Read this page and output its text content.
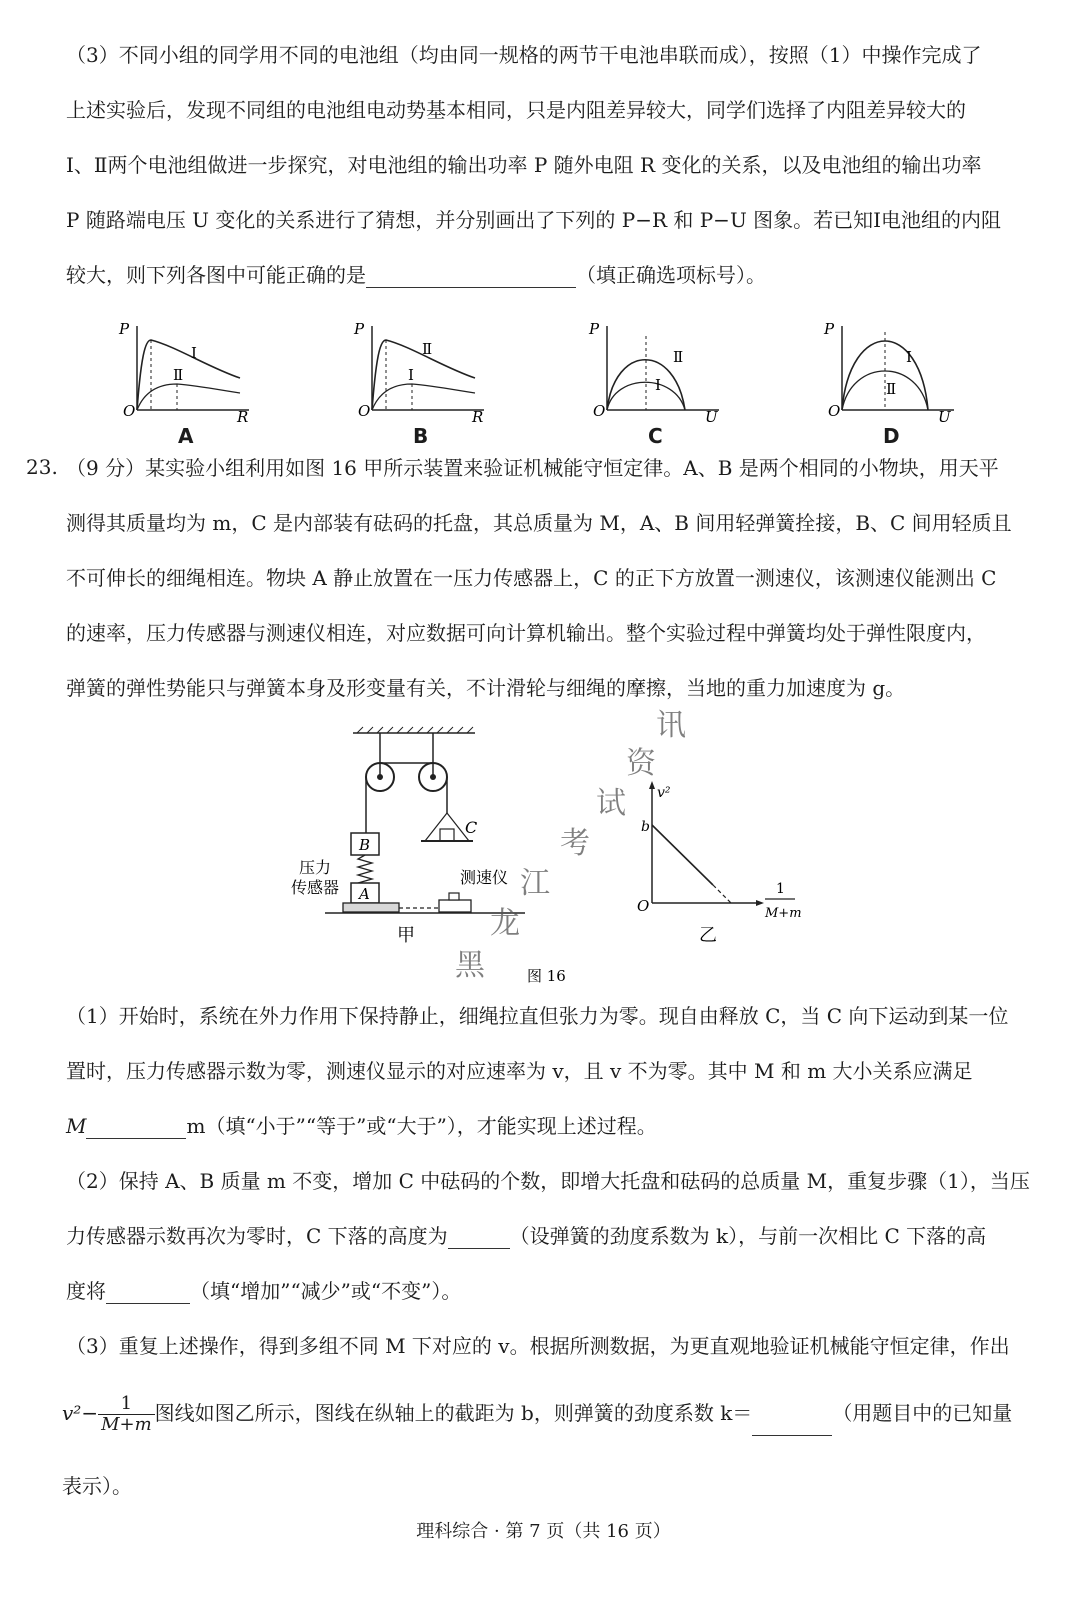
（3）不同小组的同学用不同的电池组（均由同一规格的两节干电池串联而成），按照（1）中操作完成了
上述实验后，发现不同组的电池组电动势基本相同，只是内阻差异较大，同学们选择了内阻差异较大的
Ⅰ、Ⅱ两个电池组做进一步探究，对电池组的输出功率 P 随外电阻 R 变化的关系，以及电池组的输出功率
P 随路端电压 U 变化的关系进行了猜想，并分别画出了下列的 P−R 和 P−U 图象。若已知Ⅰ电池组的内阻
较大，则下列各图中可能正确的是	（填正确选项标号）。
P
O	R
Ⅰ
Ⅱ
A
P
O	R
Ⅱ
Ⅰ
B
P
O	U
Ⅱ
Ⅰ
C
P
O	U
Ⅰ
Ⅱ
D
23. （9 分）某实验小组利用如图 16 甲所示装置来验证机械能守恒定律。A、B 是两个相同的小物块，用天平
测得其质量均为 m，C 是内部装有砝码的托盘，其总质量为 M，A、B 间用轻弹簧拴接，B、C 间用轻质且
不可伸长的细绳相连。物块 A 静止放置在一压力传感器上，C 的正下方放置一测速仪，该测速仪能测出 C
的速率，压力传感器与测速仪相连，对应数据可向计算机输出。整个实验过程中弹簧均处于弹性限度内，
弹簧的弹性势能只与弹簧本身及形变量有关，不计滑轮与细绳的摩擦，当地的重力加速度为 g。
C
B
A
压力
传感器
测速仪
甲
v²
b
O
1
M+m
乙
图 16
黑
龙
江
考
试
资
讯
（1）开始时，系统在外力作用下保持静止，细绳拉直但张力为零。现自由释放 C，当 C 向下运动到某一位
置时，压力传感器示数为零，测速仪显示的对应速率为 v，且 v 不为零。其中 M 和 m 大小关系应满足
M	m（填“小于”“等于”或“大于”），才能实现上述过程。
（2）保持 A、B 质量 m 不变，增加 C 中砝码的个数，即增大托盘和砝码的总质量 M，重复步骤（1），当压
力传感器示数再次为零时，C 下落的高度为	（设弹簧的劲度系数为 k），与前一次相比 C 下落的高
度将	（填“增加”“减少”或“不变”）。
（3）重复上述操作，得到多组不同 M 下对应的 v。根据所测数据，为更直观地验证机械能守恒定律，作出
$v^2- \frac{1}{M+m}$ 图线如图乙所示，图线在纵轴上的截距为 b，则弹簧的劲度系数 k＝	（用题目中的已知量
表示）。
理科综合 · 第 7 页（共 16 页）
